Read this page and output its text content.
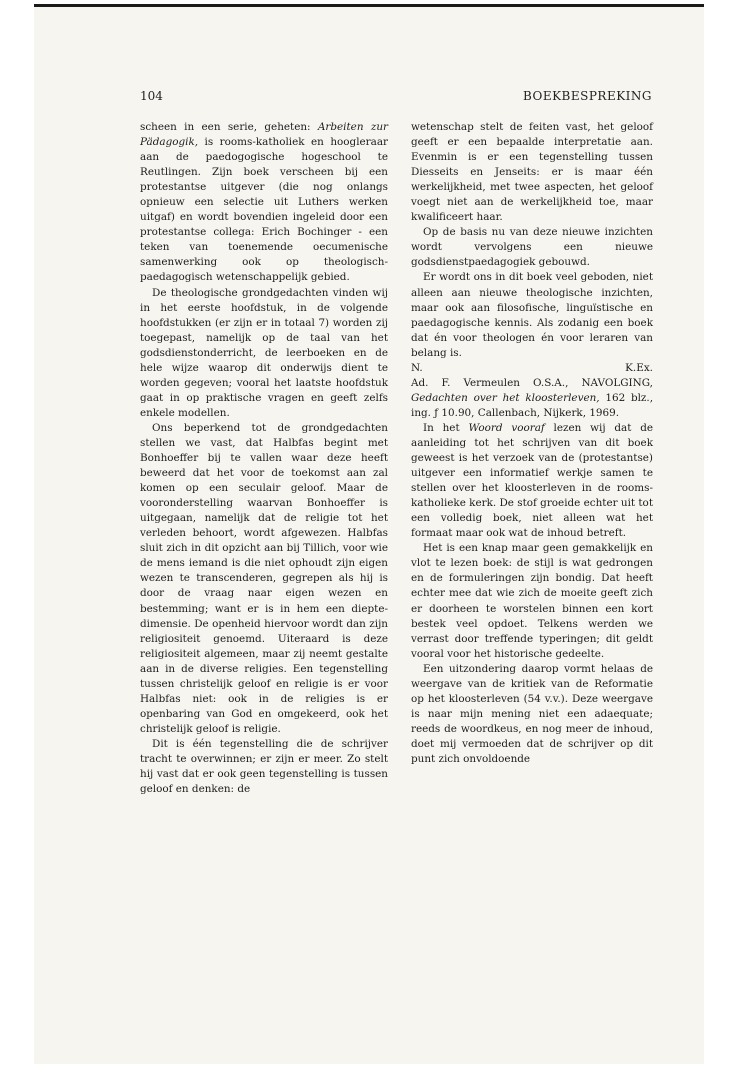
104	BOEKBESPREKING

scheen in een serie, geheten: Arbeiten zur Pädagogik, is rooms-katholiek en hoogleraar aan de paedogogische hogeschool te Reutlingen. Zijn boek verscheen bij een protestantse uitgever (die nog onlangs opnieuw een selectie uit Luthers werken uitgaf) en wordt bovendien ingeleid door een protestantse collega: Erich Bochinger - een teken van toenemende oecumenische samenwerking ook op theologisch-paedagogisch wetenschappelijk gebied.

De theologische grondgedachten vinden wij in het eerste hoofdstuk, in de volgende hoofdstukken (er zijn er in totaal 7) worden zij toegepast, namelijk op de taal van het godsdienstonderricht, de leerboeken en de hele wijze waarop dit onderwijs dient te worden gegeven; vooral het laatste hoofdstuk gaat in op praktische vragen en geeft zelfs enkele modellen.

Ons beperkend tot de grondgedachten stellen we vast, dat Halbfas begint met Bonhoeffer bij te vallen waar deze heeft beweerd dat het voor de toekomst aan zal komen op een seculair geloof. Maar de vooronderstelling waarvan Bonhoeffer is uitgegaan, namelijk dat de religie tot het verleden behoort, wordt afgewezen. Halbfas sluit zich in dit opzicht aan bij Tillich, voor wie de mens iemand is die niet ophoudt zijn eigen wezen te transcenderen, gegrepen als hij is door de vraag naar eigen wezen en bestemming; want er is in hem een diepte-dimensie. De openheid hiervoor wordt dan zijn religiositeit genoemd. Uiteraard is deze religiositeit algemeen, maar zij neemt gestalte aan in de diverse religies. Een tegenstelling tussen christelijk geloof en religie is er voor Halbfas niet: ook in de religies is er openbaring van God en omgekeerd, ook het christelijk geloof is religie.

Dit is één tegenstelling die de schrijver tracht te overwinnen; er zijn er meer. Zo stelt hij vast dat er ook geen tegenstelling is tussen geloof en denken: de

wetenschap stelt de feiten vast, het geloof geeft er een bepaalde interpretatie aan. Evenmin is er een tegenstelling tussen Diesseits en Jenseits: er is maar één werkelijkheid, met twee aspecten, het geloof voegt niet aan de werkelijkheid toe, maar kwalificeert haar.

Op de basis nu van deze nieuwe inzichten wordt vervolgens een nieuwe godsdienstpaedagogiek gebouwd.

Er wordt ons in dit boek veel geboden, niet alleen aan nieuwe theologische inzichten, maar ook aan filosofische, linguïstische en paedagogische kennis. Als zodanig een boek dat én voor theologen én voor leraren van belang is.

N.	K.Ex.

Ad. F. Vermeulen O.S.A., NAVOLGING, Gedachten over het kloosterleven, 162 blz., ing. ƒ 10.90, Callenbach, Nijkerk, 1969.

In het Woord vooraf lezen wij dat de aanleiding tot het schrijven van dit boek geweest is het verzoek van de (protestantse) uitgever een informatief werkje samen te stellen over het kloosterleven in de rooms-katholieke kerk. De stof groeide echter uit tot een volledig boek, niet alleen wat het formaat maar ook wat de inhoud betreft.

Het is een knap maar geen gemakkelijk en vlot te lezen boek: de stijl is wat gedrongen en de formuleringen zijn bondig. Dat heeft echter mee dat wie zich de moeite geeft zich er doorheen te worstelen binnen een kort bestek veel opdoet. Telkens werden we verrast door treffende typeringen; dit geldt vooral voor het historische gedeelte.

Een uitzondering daarop vormt helaas de weergave van de kritiek van de Reformatie op het kloosterleven (54 v.v.). Deze weergave is naar mijn mening niet een adaequate; reeds de woordkeus, en nog meer de inhoud, doet mij vermoeden dat de schrijver op dit punt zich onvoldoende
